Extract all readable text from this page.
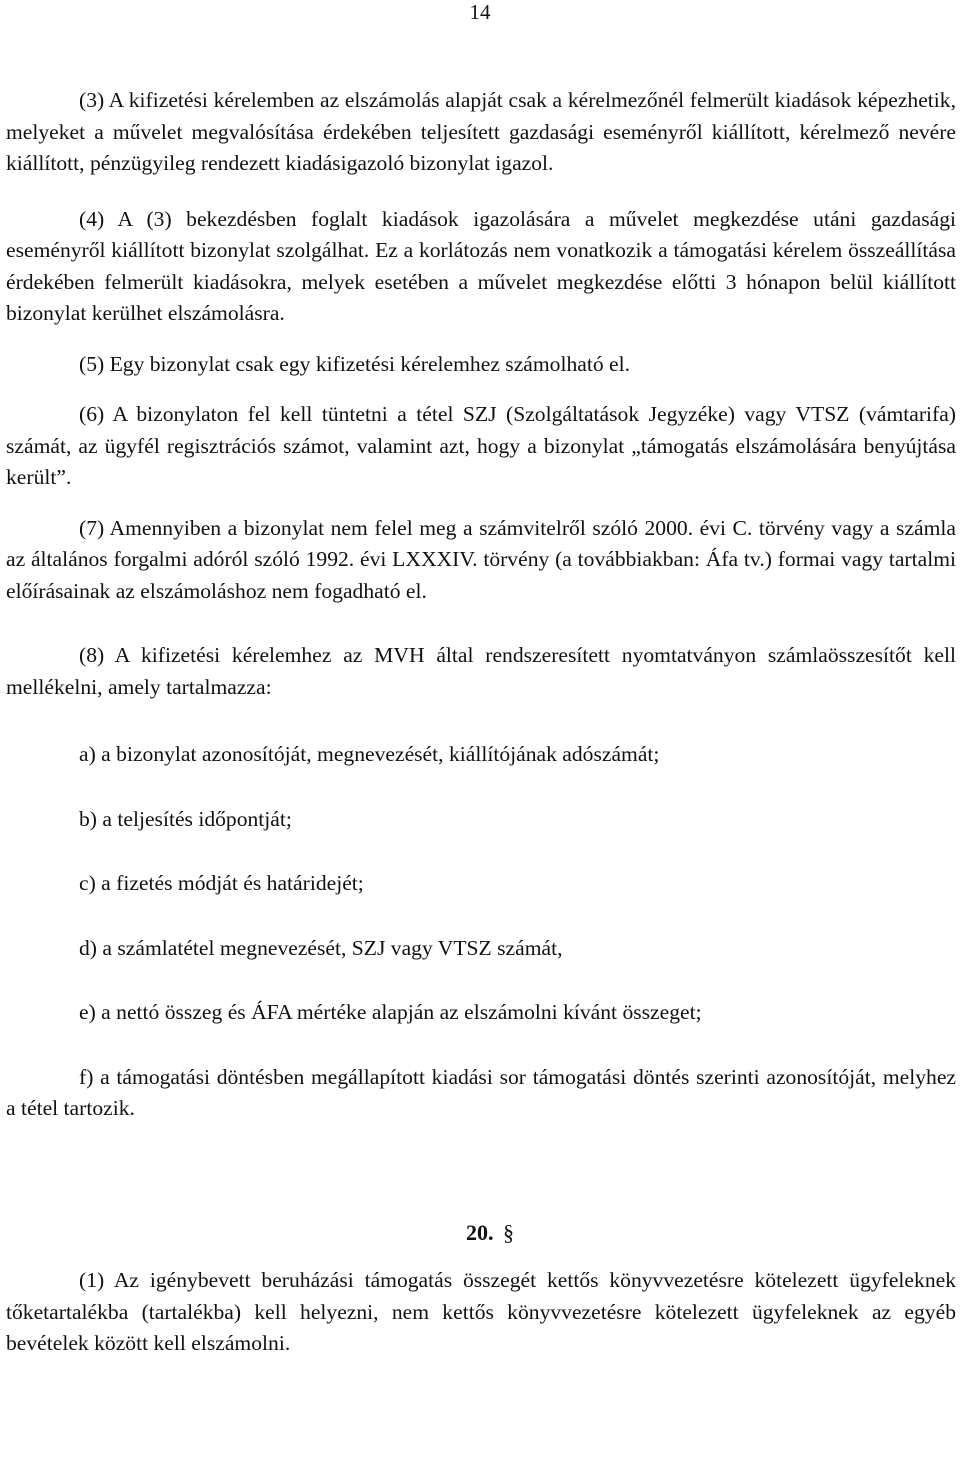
14

(3) A kifizetési kérelemben az elszámolás alapját csak a kérelmezőnél felmerült kiadások képezhetik, melyeket a művelet megvalósítása érdekében teljesített gazdasági eseményről kiállított, kérelmező nevére kiállított, pénzügyileg rendezett kiadásigazoló bizonylat igazol.

(4) A (3) bekezdésben foglalt kiadások igazolására a művelet megkezdése utáni gazdasági eseményről kiállított bizonylat szolgálhat. Ez a korlátozás nem vonatkozik a támogatási kérelem összeállítása érdekében felmerült kiadásokra, melyek esetében a művelet megkezdése előtti 3 hónapon belül kiállított bizonylat kerülhet elszámolásra.

(5) Egy bizonylat csak egy kifizetési kérelemhez számolható el.

(6) A bizonylaton fel kell tüntetni a tétel SZJ (Szolgáltatások Jegyzéke) vagy VTSZ (vámtarifa) számát, az ügyfél regisztrációs számot, valamint azt, hogy a bizonylat „támogatás elszámolására benyújtása került”.

(7) Amennyiben a bizonylat nem felel meg a számvitelről szóló 2000. évi C. törvény vagy a számla az általános forgalmi adóról szóló 1992. évi LXXXIV. törvény (a továbbiakban: Áfa tv.) formai vagy tartalmi előírásainak az elszámoláshoz nem fogadható el.

(8) A kifizetési kérelemhez az MVH által rendszeresített nyomtatványon számlaösszesítőt kell mellékelni, amely tartalmazza:

a) a bizonylat azonosítóját, megnevezését, kiállítójának adószámát;

b) a teljesítés időpontját;

c) a fizetés módját és határidejét;

d) a számlatétel megnevezését, SZJ vagy VTSZ számát,

e) a nettó összeg és ÁFA mértéke alapján az elszámolni kívánt összeget;

f) a támogatási döntésben megállapított kiadási sor támogatási döntés szerinti azonosítóját, melyhez a tétel tartozik.

20. §

(1) Az igénybevett beruházási támogatás összegét kettős könyvvezetésre kötelezett ügyfeleknek tőketartalékba (tartalékba) kell helyezni, nem kettős könyvvezetésre kötelezett ügyfeleknek az egyéb bevételek között kell elszámolni.
